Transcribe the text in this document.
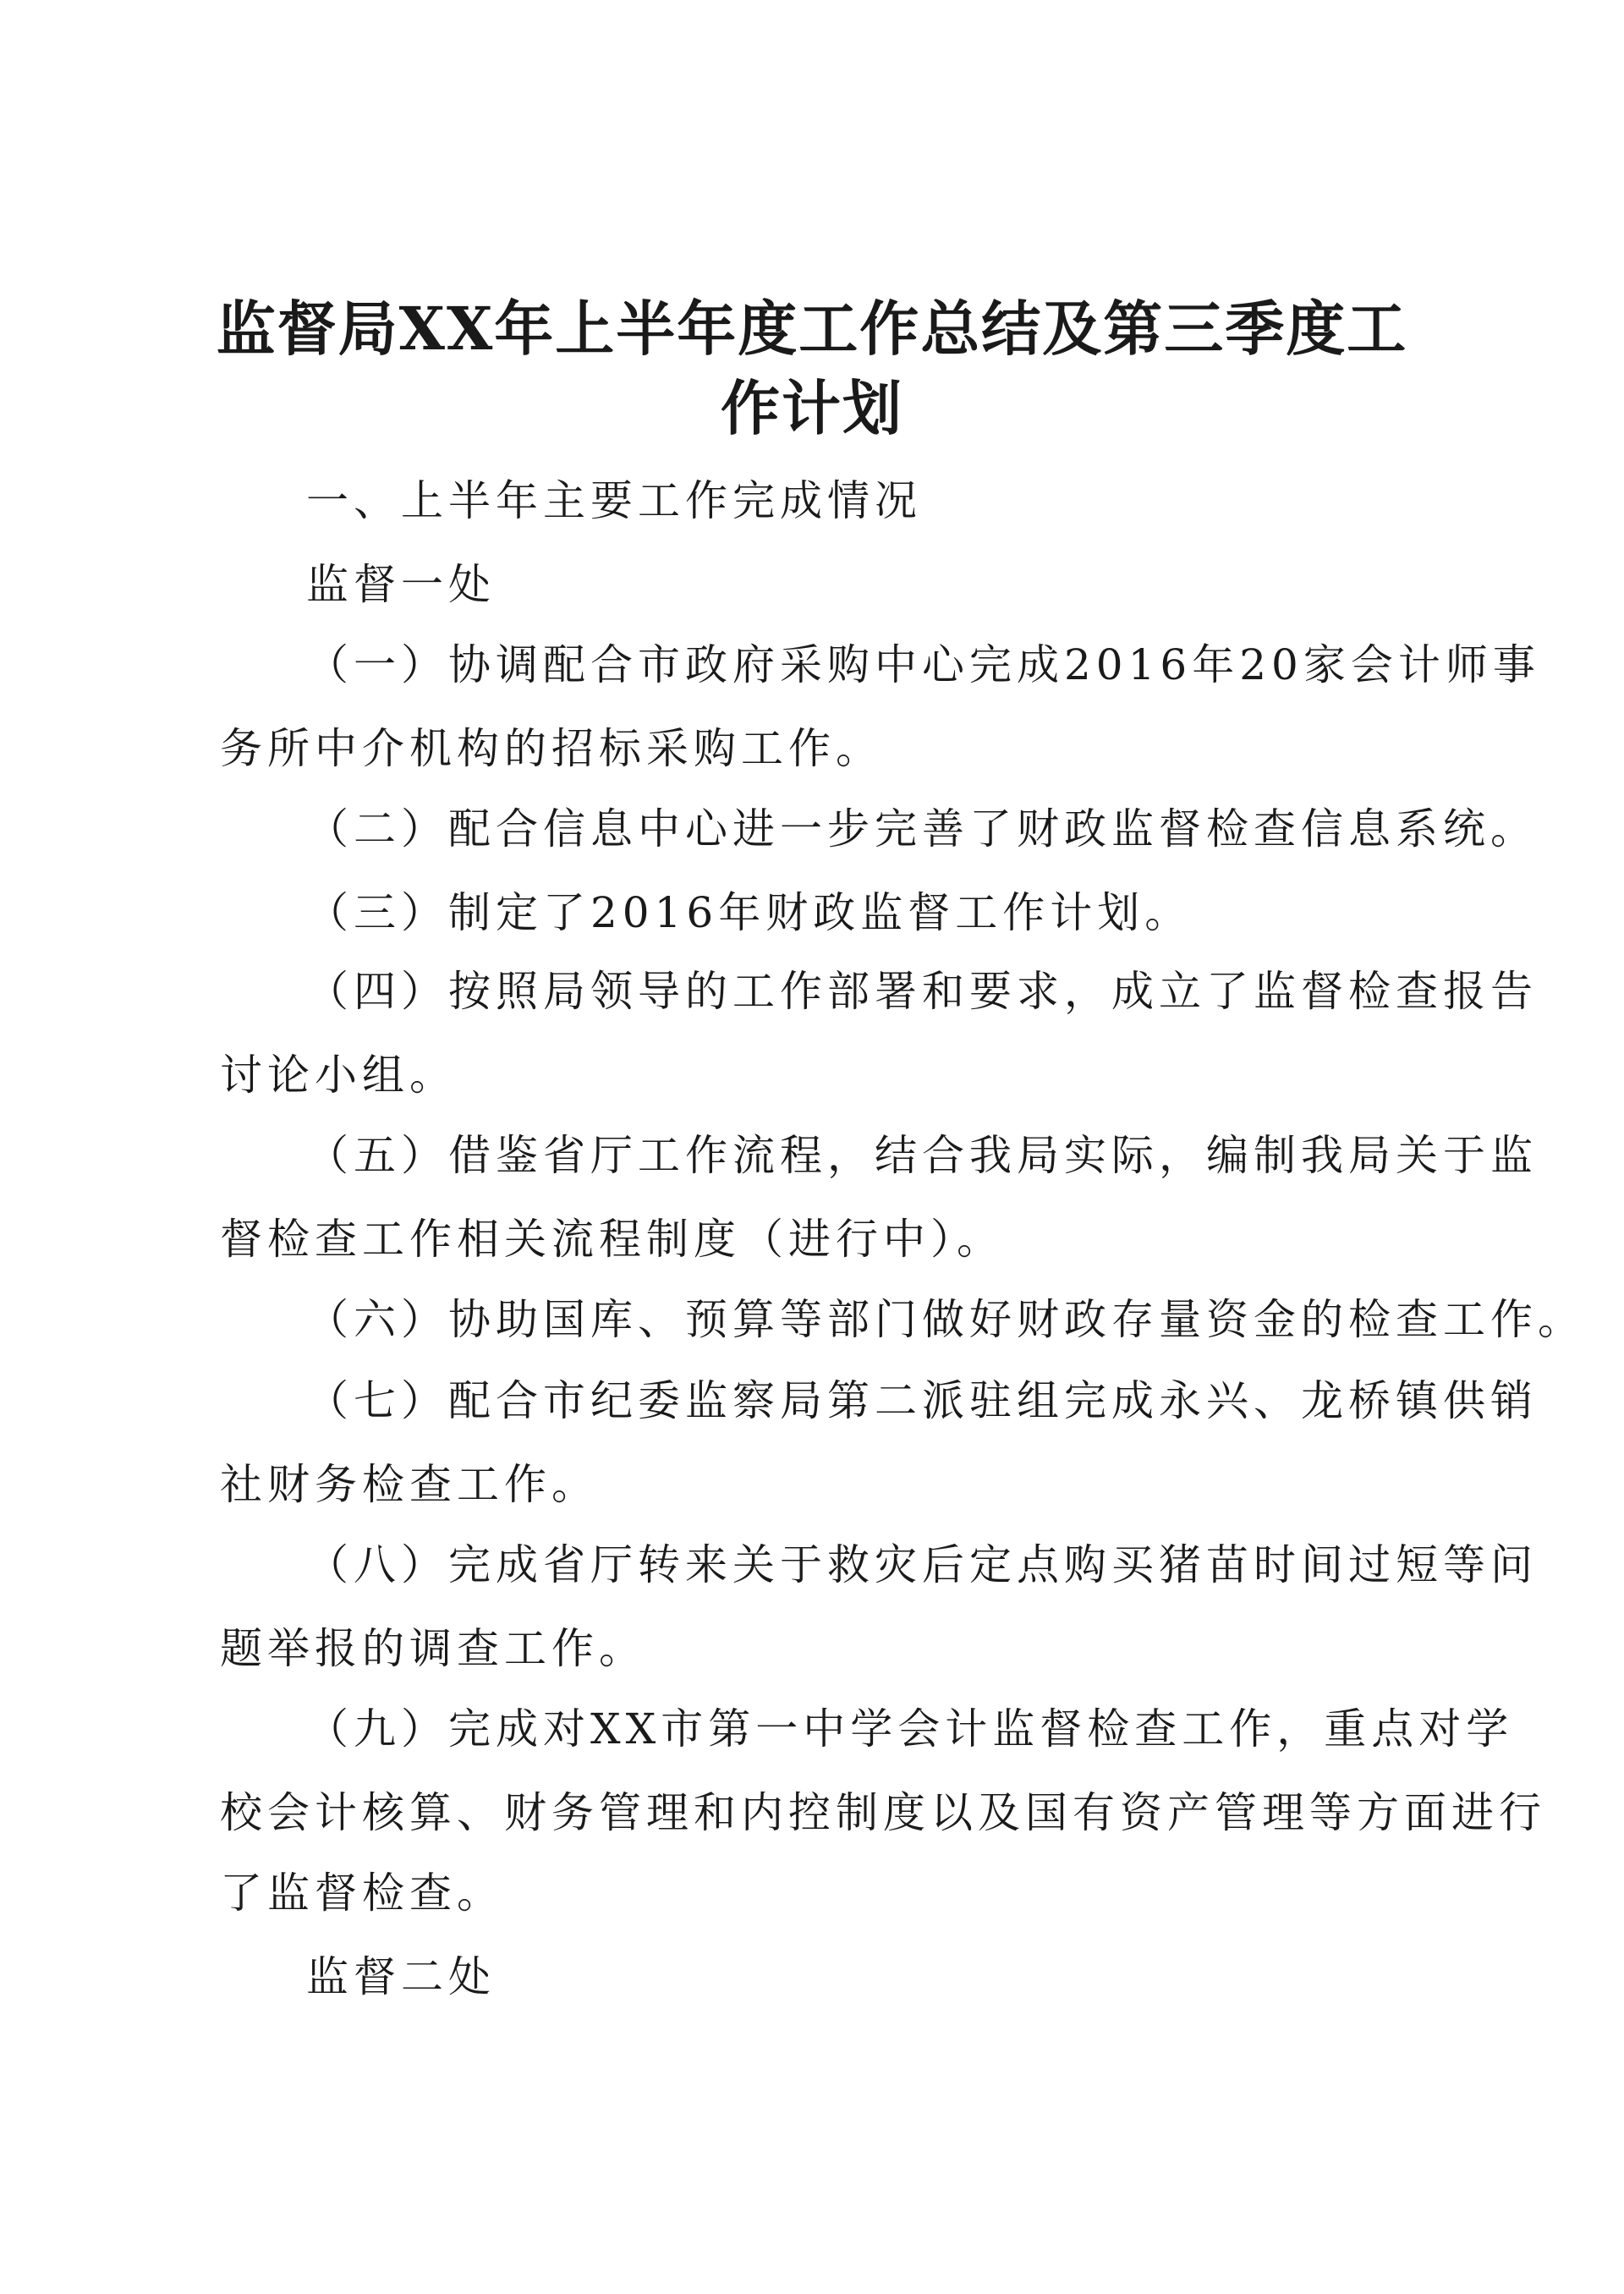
监督局XX年上半年度工作总结及第三季度工
作计划
一、上半年主要工作完成情况
监督一处
（一）协调配合市政府采购中心完成2016年20家会计师事
务所中介机构的招标采购工作。
（二）配合信息中心进一步完善了财政监督检查信息系统。
（三）制定了2016年财政监督工作计划。
（四）按照局领导的工作部署和要求，成立了监督检查报告
讨论小组。
（五）借鉴省厅工作流程，结合我局实际，编制我局关于监
督检查工作相关流程制度（进行中）。
（六）协助国库、预算等部门做好财政存量资金的检查工作。
（七）配合市纪委监察局第二派驻组完成永兴、龙桥镇供销
社财务检查工作。
（八）完成省厅转来关于救灾后定点购买猪苗时间过短等问
题举报的调查工作。
（九）完成对XX市第一中学会计监督检查工作，重点对学
校会计核算、财务管理和内控制度以及国有资产管理等方面进行
了监督检查。
监督二处
